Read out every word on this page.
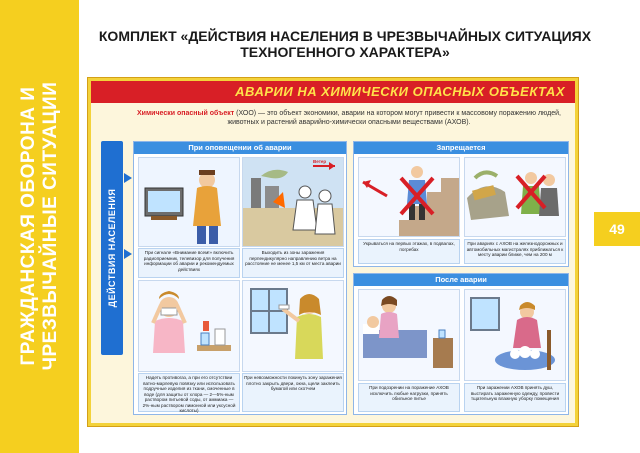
ГРАЖДАНСКАЯ ОБОРОНА И ЧРЕЗВЫЧАЙНЫЕ СИТУАЦИИ
КОМПЛЕКТ «ДЕЙСТВИЯ НАСЕЛЕНИЯ В ЧРЕЗВЫЧАЙНЫХ СИТУАЦИЯХ
ТЕХНОГЕННОГО ХАРАКТЕРА»
49
АВАРИИ НА ХИМИЧЕСКИ ОПАСНЫХ ОБЪЕКТАХ
Химически опасный объект (ХОО) — это объект экономики, аварии на котором могут привести к массовому поражению людей, животных и растений аварийно-химически опасными веществами (АХОВ).
ДЕЙСТВИЯ НАСЕЛЕНИЯ
При оповещении об аварии
Ветер
При сигнале «Внимание всем!» включить радиоприемник, телевизор для получения информации об аварии и рекомендуемых действиях
Выходить из зоны заражения перпендикулярно направлению ветра на расстояние не менее 1,5 км от места аварии
Надеть противогаз, а при его отсутствии ватно-марлевую повязку или использовать подручные изделия из ткани, смоченные в воде (для защиты от хлора — 2—5%-ным раствором питьевой соды, от аммиака — 2%-ным раствором лимонной или уксусной кислоты)
При невозможности покинуть зону заражения плотно закрыть двери, окна, щели заклеить бумагой или скотчем
Запрещается
Укрываться на первых этажах, в подвалах, погребах
При авариях с АХОВ на железнодорожных и автомобильных магистралях приближаться к месту аварии ближе, чем на 200 м
После аварии
При подозрении на поражение АХОВ исключить любые нагрузки, принять обильное питье
При заражении АХОВ принять душ, выстирать зараженную одежду, провести тщательную влажную уборку помещения
